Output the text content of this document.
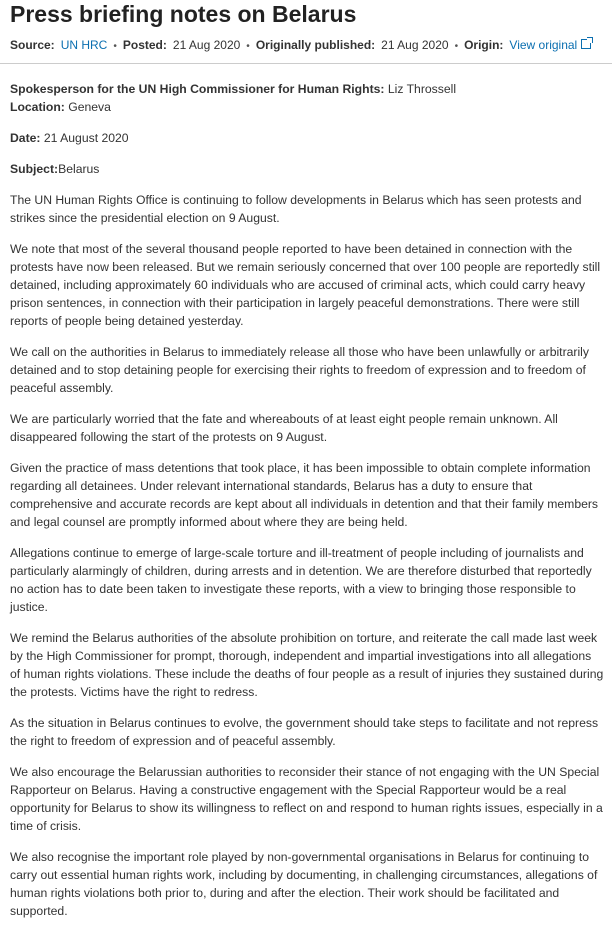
Press briefing notes on Belarus
Source: UN HRC • Posted: 21 Aug 2020 • Originally published: 21 Aug 2020 • Origin: View original
Spokesperson for the UN High Commissioner for Human Rights: Liz Throssell
Location: Geneva
Date: 21 August 2020
Subject:Belarus

The UN Human Rights Office is continuing to follow developments in Belarus which has seen protests and strikes since the presidential election on 9 August.

We note that most of the several thousand people reported to have been detained in connection with the protests have now been released. But we remain seriously concerned that over 100 people are reportedly still detained, including approximately 60 individuals who are accused of criminal acts, which could carry heavy prison sentences, in connection with their participation in largely peaceful demonstrations. There were still reports of people being detained yesterday.

We call on the authorities in Belarus to immediately release all those who have been unlawfully or arbitrarily detained and to stop detaining people for exercising their rights to freedom of expression and to freedom of peaceful assembly.

We are particularly worried that the fate and whereabouts of at least eight people remain unknown. All disappeared following the start of the protests on 9 August.

Given the practice of mass detentions that took place, it has been impossible to obtain complete information regarding all detainees. Under relevant international standards, Belarus has a duty to ensure that comprehensive and accurate records are kept about all individuals in detention and that their family members and legal counsel are promptly informed about where they are being held.

Allegations continue to emerge of large-scale torture and ill-treatment of people including of journalists and particularly alarmingly of children, during arrests and in detention. We are therefore disturbed that reportedly no action has to date been taken to investigate these reports, with a view to bringing those responsible to justice.

We remind the Belarus authorities of the absolute prohibition on torture, and reiterate the call made last week by the High Commissioner for prompt, thorough, independent and impartial investigations into all allegations of human rights violations. These include the deaths of four people as a result of injuries they sustained during the protests. Victims have the right to redress.

As the situation in Belarus continues to evolve, the government should take steps to facilitate and not repress the right to freedom of expression and of peaceful assembly.

We also encourage the Belarussian authorities to reconsider their stance of not engaging with the UN Special Rapporteur on Belarus. Having a constructive engagement with the Special Rapporteur would be a real opportunity for Belarus to show its willingness to reflect on and respond to human rights issues, especially in a time of crisis.

We also recognise the important role played by non-governmental organisations in Belarus for continuing to carry out essential human rights work, including by documenting, in challenging circumstances, allegations of human rights violations both prior to, during and after the election. Their work should be facilitated and supported.
